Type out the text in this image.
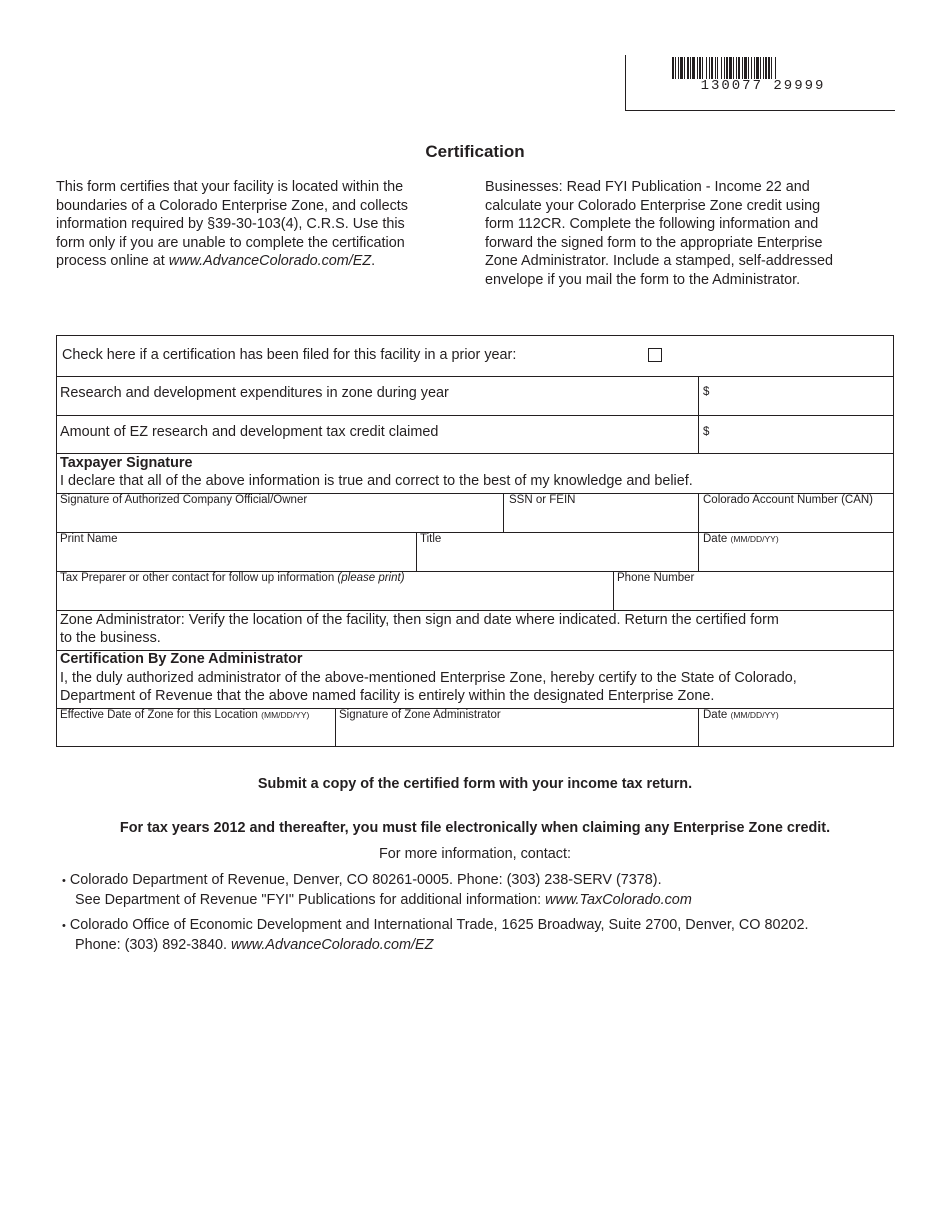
130077 29999
Certification
This form certifies that your facility is located within the
boundaries of a Colorado Enterprise Zone, and collects
information required by §39-30-103(4), C.R.S. Use this
form only if you are unable to complete the certification
process online at www.AdvanceColorado.com/EZ.
Businesses: Read FYI Publication - Income 22 and
calculate your Colorado Enterprise Zone credit using
form 112CR. Complete the following information and
forward the signed form to the appropriate Enterprise
Zone Administrator. Include a stamped, self-addressed
envelope if you mail the form to the Administrator.
Check here if a certification has been filed for this facility in a prior year:
Research and development expenditures in zone during year	$
Amount of EZ research and development tax credit claimed	$
Taxpayer Signature
I declare that all of the above information is true and correct to the best of my knowledge and belief.
Signature of Authorized Company Official/Owner	SSN or FEIN	Colorado Account Number (CAN)
Print Name	Title	Date (MM/DD/YY)
Tax Preparer or other contact for follow up information (please print)	Phone Number
Zone Administrator: Verify the location of the facility, then sign and date where indicated. Return the certified form
to the business.
Certification By Zone Administrator
I, the duly authorized administrator of the above-mentioned Enterprise Zone, hereby certify to the State of Colorado,
Department of Revenue that the above named facility is entirely within the designated Enterprise Zone.
Effective Date of Zone for this Location (MM/DD/YY)	Signature of Zone Administrator	Date (MM/DD/YY)
Submit a copy of the certified form with your income tax return.
For tax years 2012 and thereafter, you must file electronically when claiming any Enterprise Zone credit.
For more information, contact:
• Colorado Department of Revenue, Denver, CO 80261-0005. Phone: (303) 238-SERV (7378).
See Department of Revenue "FYI" Publications for additional information: www.TaxColorado.com
• Colorado Office of Economic Development and International Trade, 1625 Broadway, Suite 2700, Denver, CO 80202.
Phone: (303) 892-3840. www.AdvanceColorado.com/EZ
